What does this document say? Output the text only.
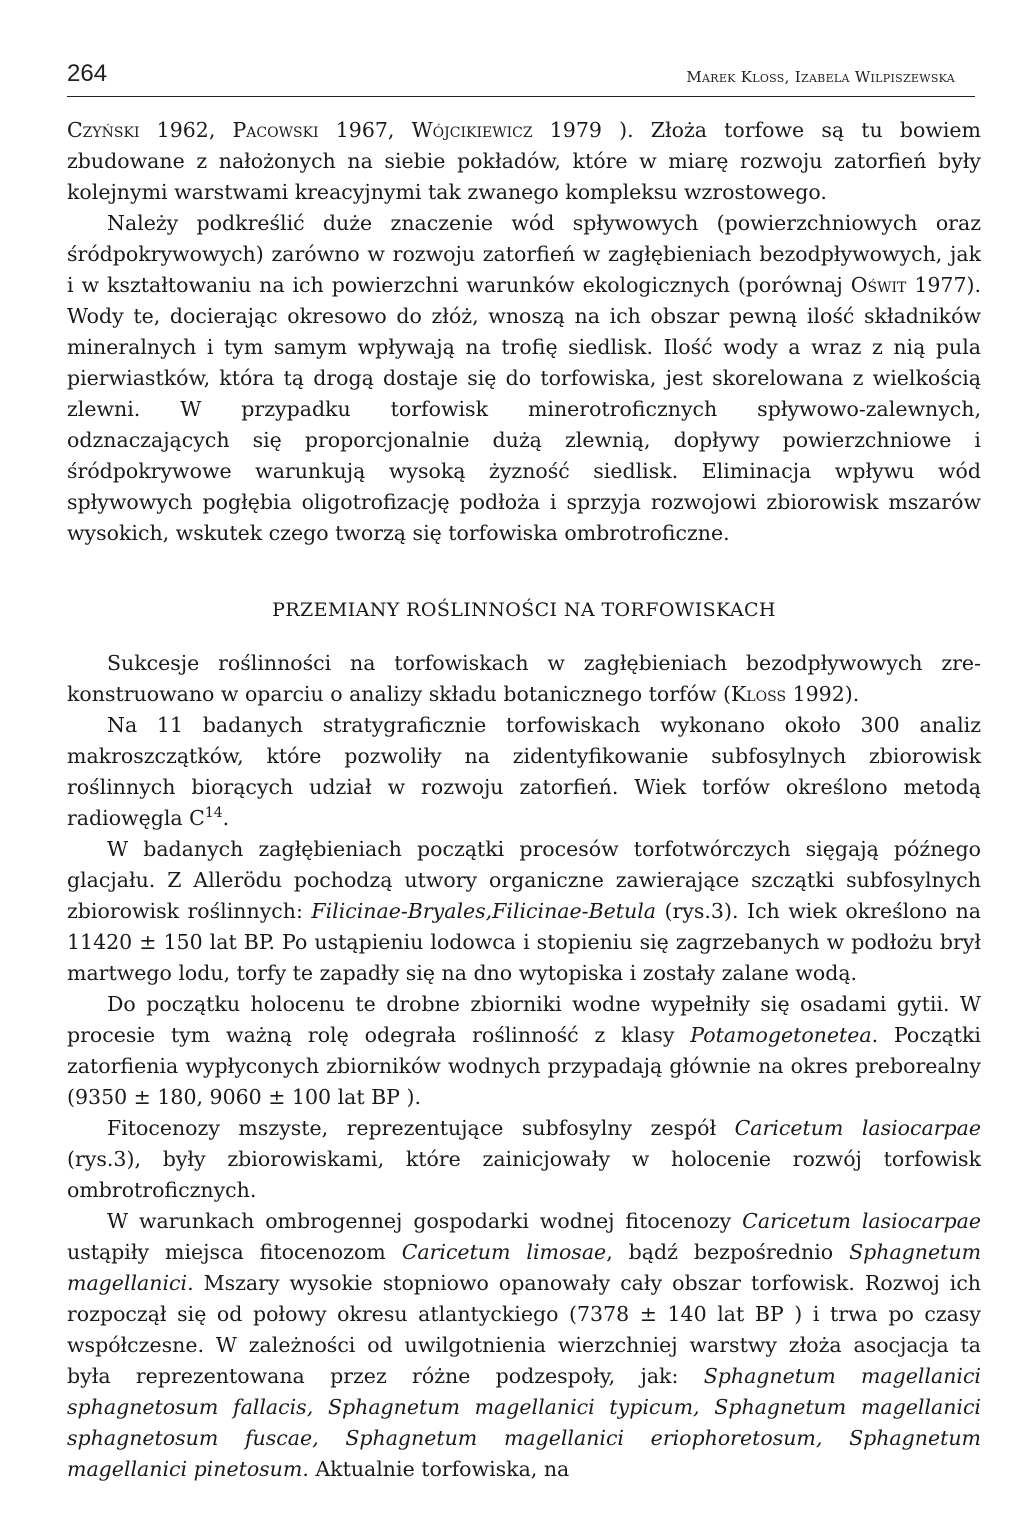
264	Marek Kloss, Izabela Wilpiszewska

Czyński 1962, Pacowski 1967, Wójcikiewicz 1979 ). Złoża torfowe są tu bowiem zbudowane z nałożonych na siebie pokładów, które w miarę rozwoju zatorfień były kolejnymi warstwami kreacyjnymi tak zwanego kompleksu wzrostowego.

Należy podkreślić duże znaczenie wód spływowych (powierzchniowych oraz śródpokrywowych) zarówno w rozwoju zatorfień w zagłębieniach bezodpływowych, jak i w kształtowaniu na ich powierzchni warunków ekologicznych (porównaj Oświt 1977). Wody te, docierając okresowo do złóż, wnoszą na ich obszar pewną ilość składników mineralnych i tym samym wpływają na trofię siedlisk. Ilość wody a wraz z nią pula pierwiastków, która tą drogą dostaje się do torfowiska, jest skorelowana z wielkością zlewni. W przypadku torfowisk minerotroficznych spływowo-zalewnych, odznaczających się proporcjonalnie dużą zlewnią, dopływy powierzchniowe i śródpokrywowe warunkują wysoką żyzność siedlisk. Eliminacja wpływu wód spływowych pogłębia oligotrofizację podłoża i sprzyja rozwojowi zbiorowisk mszarów wysokich, wskutek czego tworzą się torfowiska ombrotroficzne.

PRZEMIANY ROŚLINNOŚCI NA TORFOWISKACH

Sukcesje roślinności na torfowiskach w zagłębieniach bezodpływowych zrekonstruowano w oparciu o analizy składu botanicznego torfów (Kloss 1992).

Na 11 badanych stratygraficznie torfowiskach wykonano około 300 analiz makroszczątków, które pozwoliły na zidentyfikowanie subfosylnych zbiorowisk roślinnych biorących udział w rozwoju zatorfień. Wiek torfów określono metodą radiowęgla $C^{14}$.

W badanych zagłębieniach początki procesów torfotwórczych sięgają późnego glacjału. Z Allerödu pochodzą utwory organiczne zawierające szczątki subfosylnych zbiorowisk roślinnych: Filicinae-Bryales,Filicinae-Betula (rys.3). Ich wiek określono na 11420 ± 150 lat BP. Po ustąpieniu lodowca i stopieniu się zagrzebanych w podłożu brył martwego lodu, torfy te zapadły się na dno wytopiska i zostały zalane wodą.

Do początku holocenu te drobne zbiorniki wodne wypełniły się osadami gytii. W procesie tym ważną rolę odegrała roślinność z klasy Potamogetonetea. Początki zatorfienia wypłyconych zbiorników wodnych przypadają głównie na okres preborealny (9350 ± 180, 9060 ± 100 lat BP ).

Fitocenozy mszyste, reprezentujące subfosylny zespół Caricetum lasiocarpae (rys.3), były zbiorowiskami, które zainicjowały w holocenie rozwój torfowisk ombrotroficznych.

W warunkach ombrogennej gospodarki wodnej fitocenozy Caricetum lasiocarpae ustąpiły miejsca fitocenozom Caricetum limosae, bądź bezpośrednio Sphagnetum magellanici. Mszary wysokie stopniowo opanowały cały obszar torfowisk. Rozwoj ich rozpoczął się od połowy okresu atlantyckiego (7378 ± 140 lat BP ) i trwa po czasy współczesne. W zależności od uwilgotnienia wierzchniej warstwy złoża asocjacja ta była reprezentowana przez różne podzespoły, jak: Sphagnetum magellanici sphagnetosum fallacis, Sphagnetum magellanici typicum, Sphagnetum magellanici sphagnetosum fuscae, Sphagnetum magellanici eriophoretosum, Sphagnetum magellanici pinetosum. Aktualnie torfowiska, na
